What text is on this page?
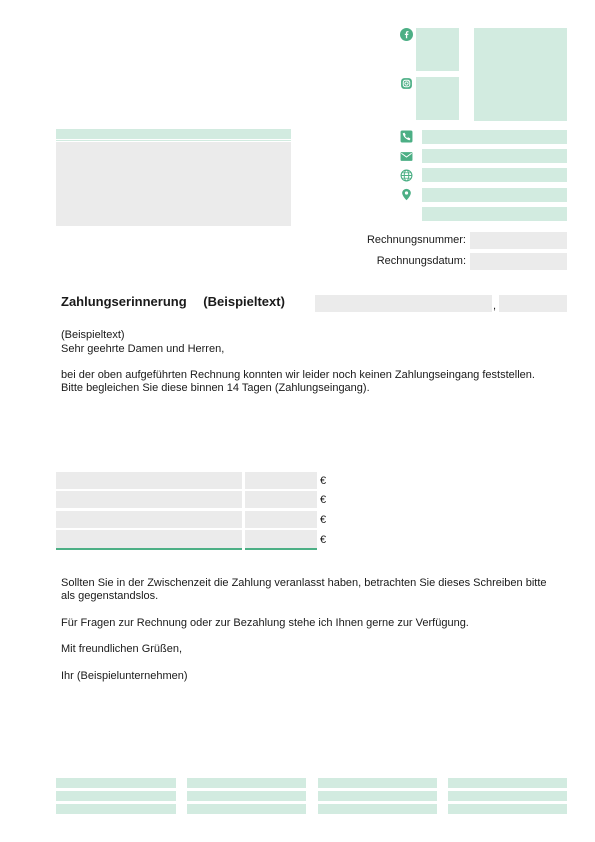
Rechnungsnummer:
Rechnungsdatum:
Zahlungserinnerung (Beispieltext)	,
(Beispieltext)
Sehr geehrte Damen und Herren,
bei der oben aufgeführten Rechnung konnten wir leider noch keinen Zahlungseingang feststellen.
Bitte begleichen Sie diese binnen 14 Tagen (Zahlungseingang).
€
€
€
€
Sollten Sie in der Zwischenzeit die Zahlung veranlasst haben, betrachten Sie dieses Schreiben bitte als gegenstandslos.
Für Fragen zur Rechnung oder zur Bezahlung stehe ich Ihnen gerne zur Verfügung.
Mit freundlichen Grüßen,
Ihr (Beispielunternehmen)
